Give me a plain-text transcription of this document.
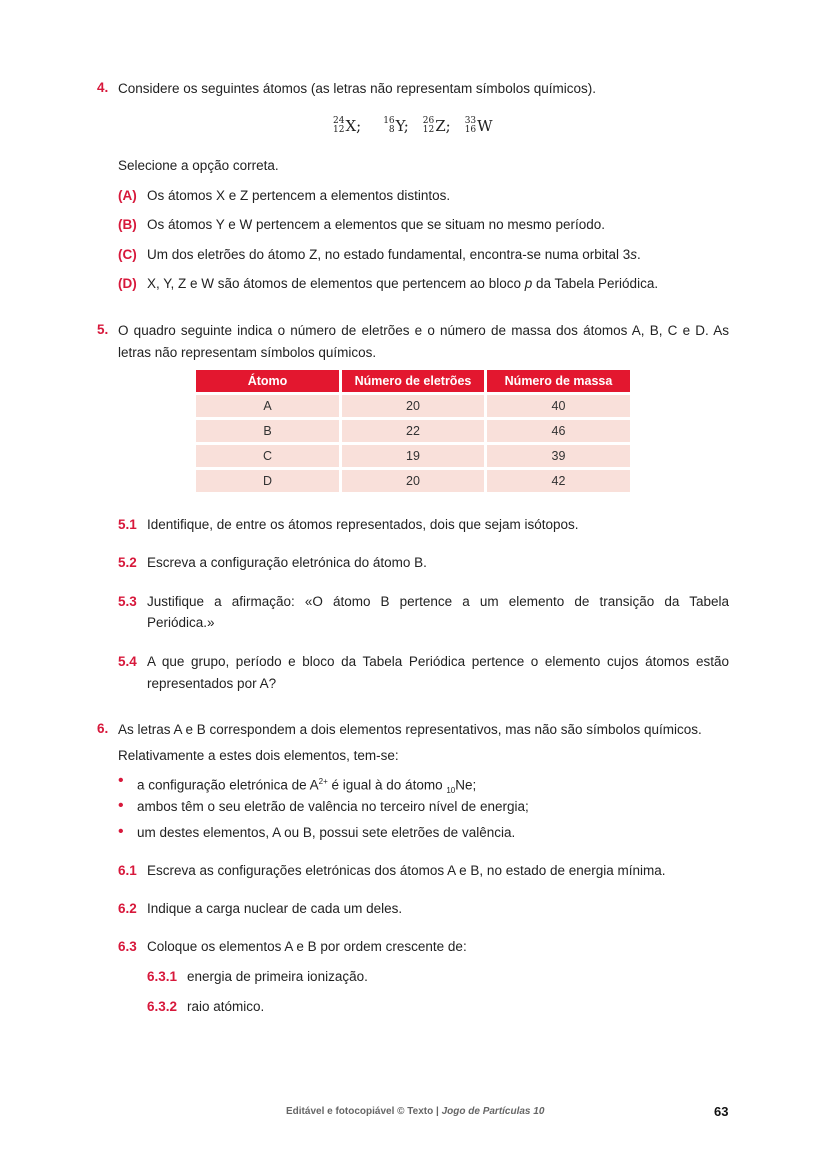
4. Considere os seguintes átomos (as letras não representam símbolos químicos).
24
12 X; 16
8 Y; 26
12 Z; 33
16 W
Selecione a opção correta.
(A) Os átomos X e Z pertencem a elementos distintos.
(B) Os átomos Y e W pertencem a elementos que se situam no mesmo período.
(C) Um dos eletrões do átomo Z, no estado fundamental, encontra-se numa orbital 3s.
(D) X, Y, Z e W são átomos de elementos que pertencem ao bloco p da Tabela Periódica.
5. O quadro seguinte indica o número de eletrões e o número de massa dos átomos A, B, C e D. As
letras não representam símbolos químicos.
Átomo	Número de eletrões	Número de massa
A	20	40
B	22	46
C	19	39
D	20	42
5.1 Identifique, de entre os átomos representados, dois que sejam isótopos.
5.2 Escreva a configuração eletrónica do átomo B.
5.3 Justifique a afirmação: «O átomo B pertence a um elemento de transição da Tabela
Periódica.»
5.4 A que grupo, período e bloco da Tabela Periódica pertence o elemento cujos átomos estão
representados por A?
6. As letras A e B correspondem a dois elementos representativos, mas não são símbolos químicos.
Relativamente a estes dois elementos, tem-se:
• a configuração eletrónica de $A^{2+}$ é igual à do átomo $_{10}$Ne;
• ambos têm o seu eletrão de valência no terceiro nível de energia;
• um destes elementos, A ou B, possui sete eletrões de valência.
6.1 Escreva as configurações eletrónicas dos átomos A e B, no estado de energia mínima.
6.2 Indique a carga nuclear de cada um deles.
6.3 Coloque os elementos A e B por ordem crescente de:
6.3.1 energia de primeira ionização.
6.3.2 raio atómico.
Editável e fotocopiável © Texto | Jogo de Partículas 10	63
